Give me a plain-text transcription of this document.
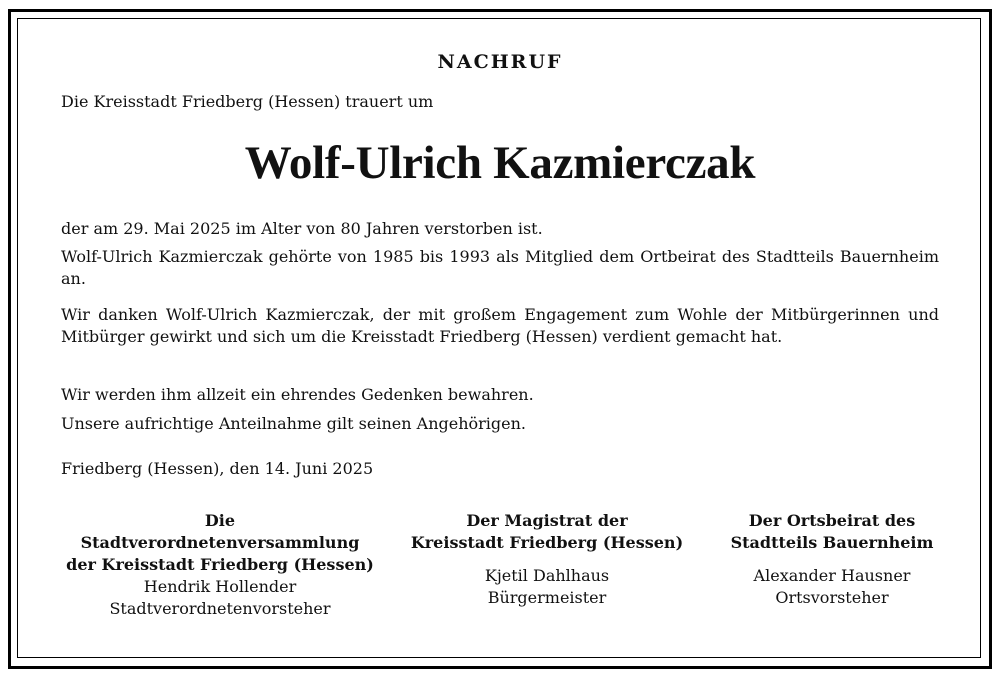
NACHRUF
Die Kreisstadt Friedberg (Hessen) trauert um
Wolf-Ulrich Kazmierczak
der am 29. Mai 2025 im Alter von 80 Jahren verstorben ist.
Wolf-Ulrich Kazmierczak gehörte von 1985 bis 1993 als Mitglied dem Ortbeirat des Stadtteils Bauernheim an.
Wir danken Wolf-Ulrich Kazmierczak, der mit großem Engagement zum Wohle der Mitbürgerinnen und Mitbürger gewirkt und sich um die Kreisstadt Friedberg (Hessen) verdient gemacht hat.
Wir werden ihm allzeit ein ehrendes Gedenken bewahren.
Unsere aufrichtige Anteilnahme gilt seinen Angehörigen.
Friedberg (Hessen), den 14. Juni 2025
Die
Stadtverordnetenversammlung
der Kreisstadt Friedberg (Hessen)
Hendrik Hollender
Stadtverordnetenvorsteher
Der Magistrat der
Kreisstadt Friedberg (Hessen)
Kjetil Dahlhaus
Bürgermeister
Der Ortsbeirat des
Stadtteils Bauernheim
Alexander Hausner
Ortsvorsteher
